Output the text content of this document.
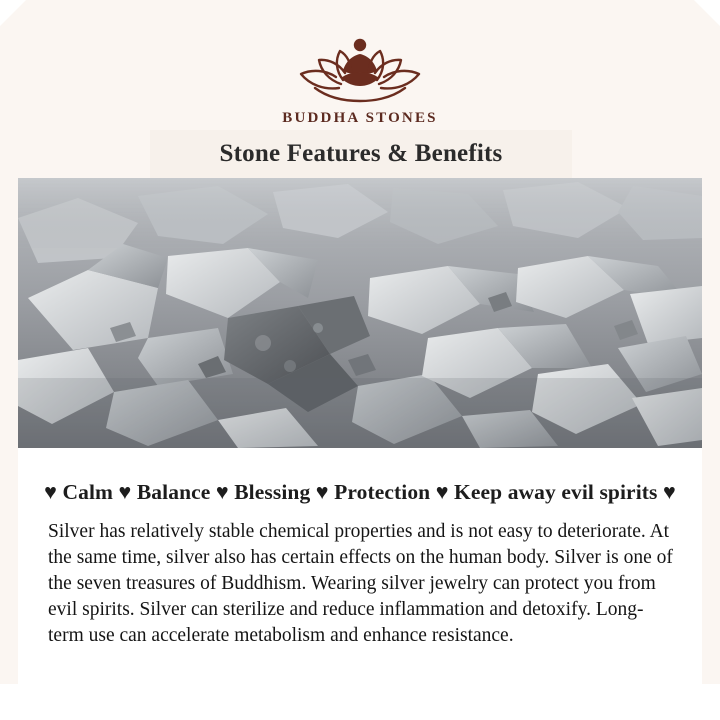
BUDDHA STONES
Stone Features & Benefits

♥ Calm ♥ Balance ♥ Blessing ♥ Protection ♥ Keep away evil spirits ♥

Silver has relatively stable chemical properties and is not easy to deteriorate. At the same time, silver also has certain effects on the human body. Silver is one of the seven treasures of Buddhism. Wearing silver jewelry can protect you from evil spirits. Silver can sterilize and reduce inflammation and detoxify. Long-term use can accelerate metabolism and enhance resistance.
